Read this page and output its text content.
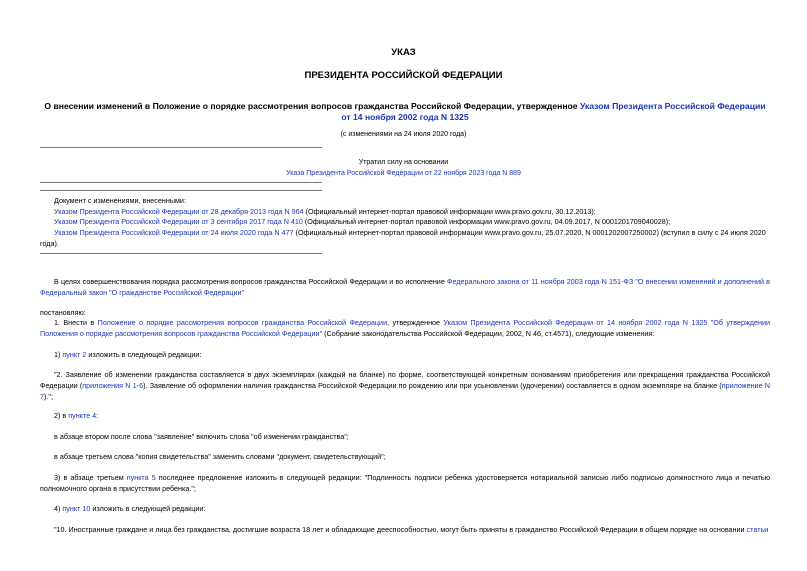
УКАЗ
ПРЕЗИДЕНТА РОССИЙСКОЙ ФЕДЕРАЦИИ
О внесении изменений в Положение о порядке рассмотрения вопросов гражданства Российской Федерации, утвержденное Указом Президента Российской Федерации от 14 ноября 2002 года N 1325
(с изменениями на 24 июля 2020 года)
Утратил силу на основании
Указа Президента Российской Федерации от 22 ноября 2023 года N 889
Документ с изменениями, внесенными:
Указом Президента Российской Федерации от 28 декабря 2013 года N 964 (Официальный интернет-портал правовой информации www.pravo.gov.ru, 30.12.2013);
Указом Президента Российской Федерации от 3 сентября 2017 года N 410 (Официальный интернет-портал правовой информации www.pravo.gov.ru, 04.09.2017, N 0001201709040028);
Указом Президента Российской Федерации от 24 июля 2020 года N 477 (Официальный интернет-портал правовой информации www.pravo.gov.ru, 25.07.2020, N 0001202007250002) (вступил в силу с 24 июля 2020 года).
В целях совершенствования порядка рассмотрения вопросов гражданства Российской Федерации и во исполнение Федерального закона от 11 ноября 2003 года N 151-ФЗ "О внесении изменений и дополнений в Федеральный закон "О гражданстве Российской Федерации"
постановляю:
1. Внести в Положение о порядке рассмотрения вопросов гражданства Российской Федерации, утвержденное Указом Президента Российской Федерации от 14 ноября 2002 года N 1325 "Об утверждении Положения о порядке рассмотрения вопросов гражданства Российской Федерации" (Собрание законодательства Российской Федерации, 2002, N 46, ст.4571), следующие изменения:
1) пункт 2 изложить в следующей редакции:
"2. Заявление об изменении гражданства составляется в двух экземплярах (каждый на бланке) по форме, соответствующей конкретным основаниям приобретения или прекращения гражданства Российской Федерации (приложения N 1-6). Заявление об оформлении наличия гражданства Российской Федерации по рождению или при усыновлении (удочерении) составляется в одном экземпляре на бланке (приложение N 7).";
2) в пункте 4:
в абзаце втором после слова "заявление" включить слова "об изменении гражданства";
в абзаце третьем слова "копия свидетельства" заменить словами "документ, свидетельствующий";
3) в абзаце третьем пункта 5 последнее предложение изложить в следующей редакции: "Подлинность подписи ребенка удостоверяется нотариальной записью либо подписью должностного лица и печатью полномочного органа в присутствии ребенка.";
4) пункт 10 изложить в следующей редакции:
"10. Иностранные граждане и лица без гражданства, достигшие возраста 18 лет и обладающие дееспособностью, могут быть приняты в гражданство Российской Федерации в общем порядке на основании статьи
